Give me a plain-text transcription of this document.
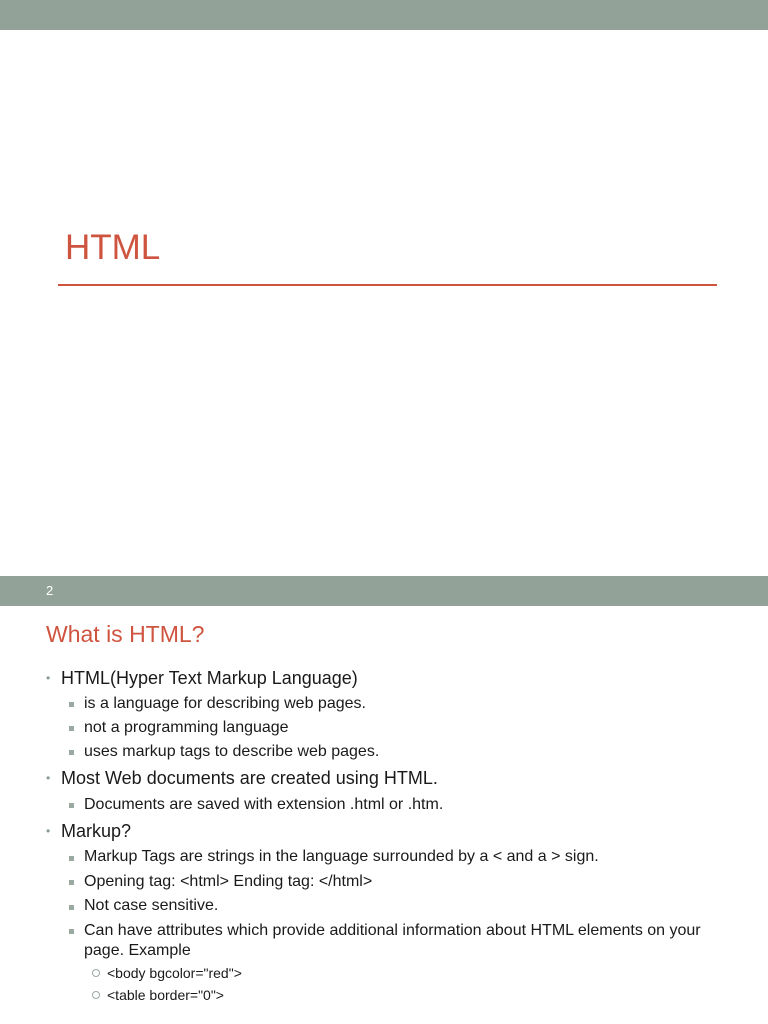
HTML
2
What is HTML?
• HTML(Hyper Text Markup Language)
is a language for describing web pages.
not a programming language
uses markup tags to describe web pages.
• Most Web documents are created using HTML.
Documents are saved with extension .html or .htm.
• Markup?
Markup Tags are strings in the language surrounded by a < and a > sign.
Opening tag: <html> Ending tag: </html>
Not case sensitive.
Can have attributes which provide additional information about HTML elements on your page. Example
<body bgcolor="red">
<table border="0">
